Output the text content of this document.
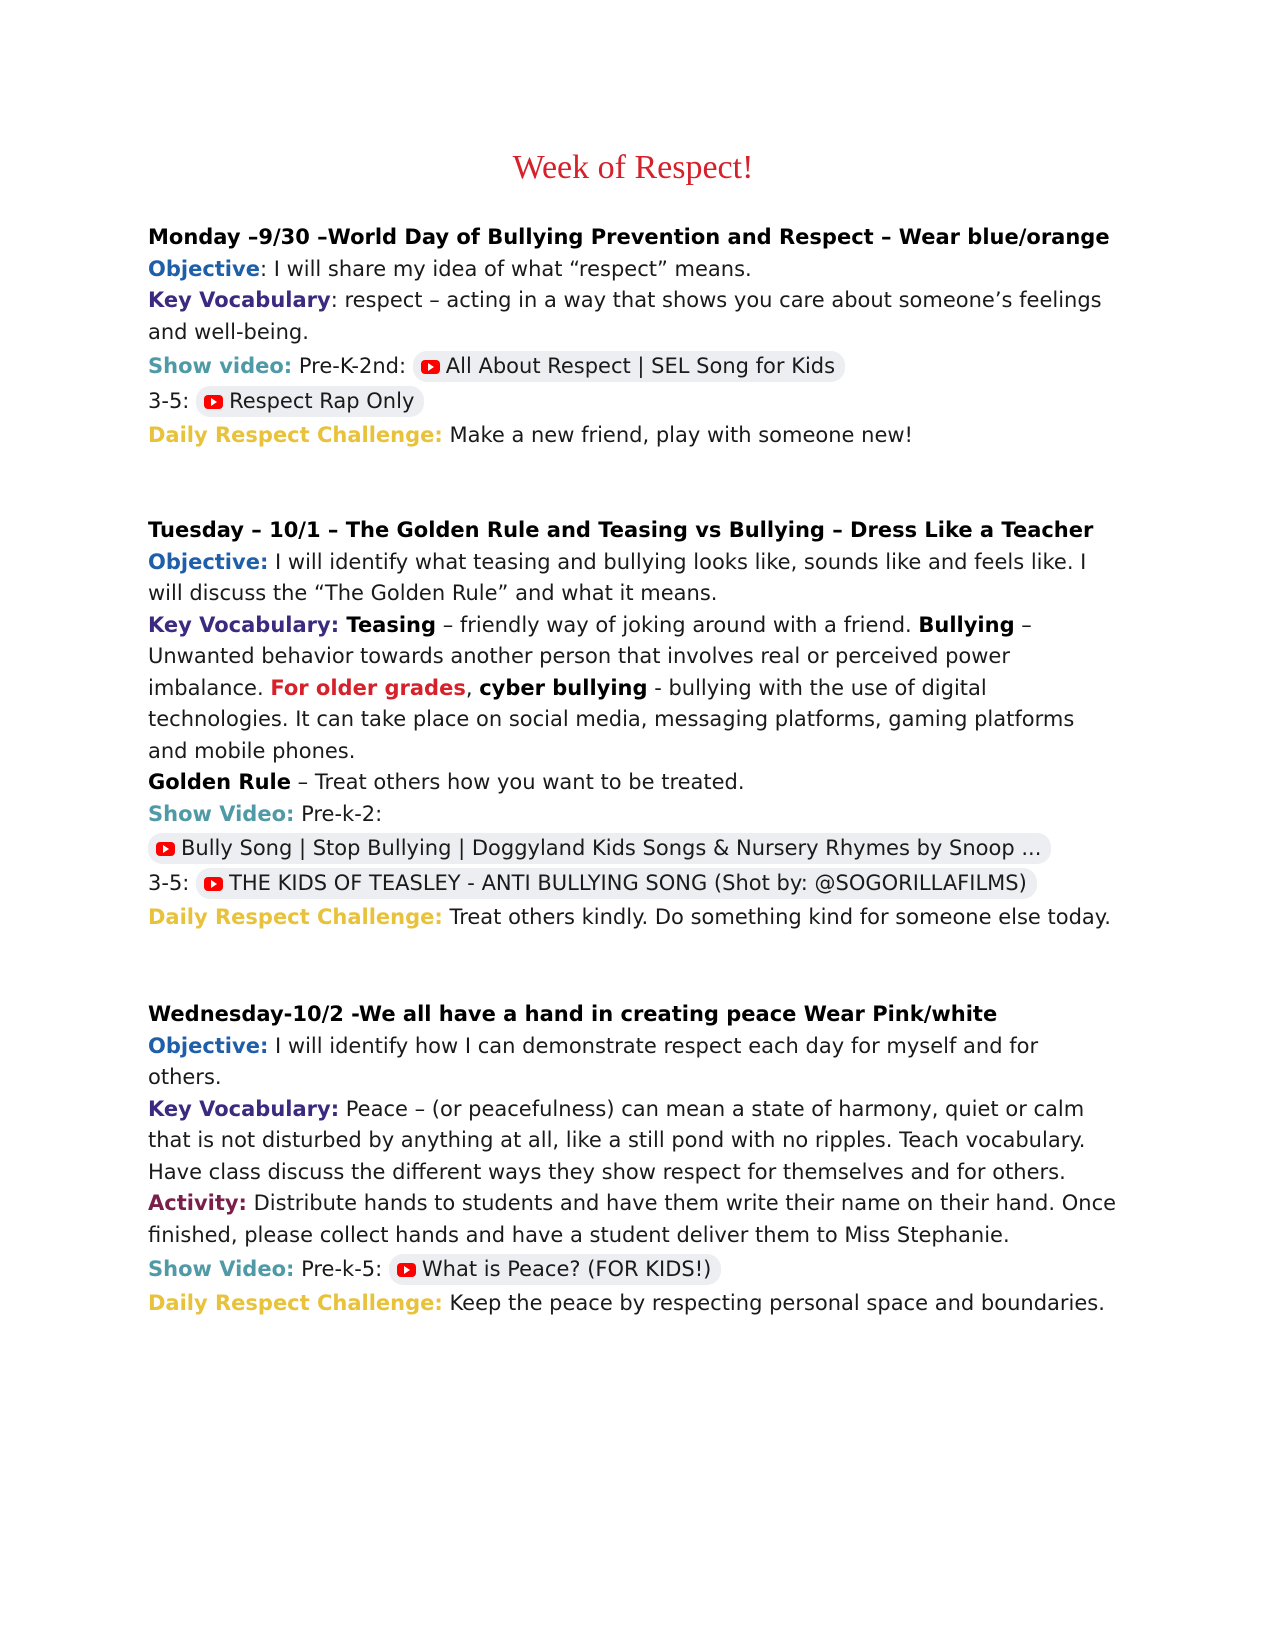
Week of Respect!

Monday –9/30 –World Day of Bullying Prevention and Respect – Wear blue/orange

Objective: I will share my idea of what “respect” means.

Key Vocabulary: respect – acting in a way that shows you care about someone’s feelings and well-being.

Show video: Pre-K-2nd: All About Respect | SEL Song for Kids

3-5: Respect Rap Only

Daily Respect Challenge: Make a new friend, play with someone new!

Tuesday – 10/1 – The Golden Rule and Teasing vs Bullying – Dress Like a Teacher

Objective: I will identify what teasing and bullying looks like, sounds like and feels like. I will discuss the “The Golden Rule” and what it means.

Key Vocabulary: Teasing – friendly way of joking around with a friend. Bullying – Unwanted behavior towards another person that involves real or perceived power imbalance. For older grades, cyber bullying - bullying with the use of digital technologies. It can take place on social media, messaging platforms, gaming platforms and mobile phones.

Golden Rule – Treat others how you want to be treated.

Show Video: Pre-k-2:

Bully Song | Stop Bullying | Doggyland Kids Songs & Nursery Rhymes by Snoop ...

3-5: THE KIDS OF TEASLEY - ANTI BULLYING SONG (Shot by: @SOGORILLAFILMS)

Daily Respect Challenge: Treat others kindly. Do something kind for someone else today.

Wednesday-10/2 -We all have a hand in creating peace Wear Pink/white

Objective: I will identify how I can demonstrate respect each day for myself and for others.

Key Vocabulary: Peace – (or peacefulness) can mean a state of harmony, quiet or calm that is not disturbed by anything at all, like a still pond with no ripples. Teach vocabulary. Have class discuss the different ways they show respect for themselves and for others.

Activity: Distribute hands to students and have them write their name on their hand. Once finished, please collect hands and have a student deliver them to Miss Stephanie.

Show Video: Pre-k-5: What is Peace? (FOR KIDS!)

Daily Respect Challenge: Keep the peace by respecting personal space and boundaries.
